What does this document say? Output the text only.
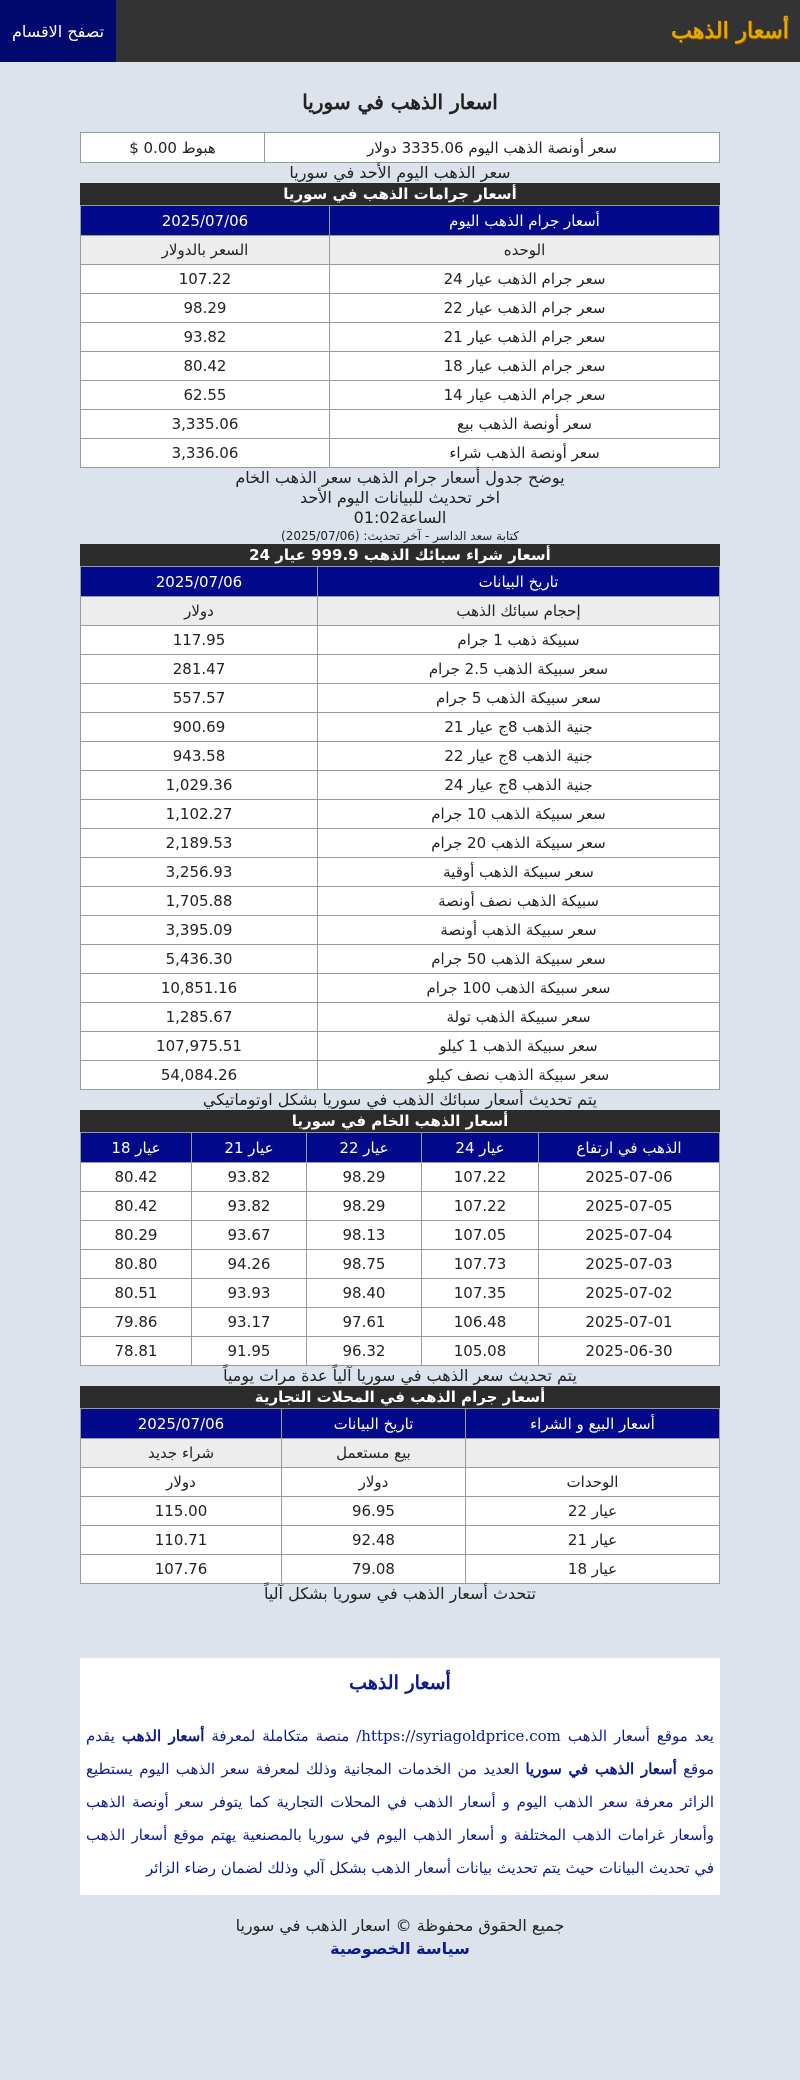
أسعار الذهب
تصفح الاقسام
اسعار الذهب في سوريا
سعر أونصة الذهب اليوم 3335.06 دولار	هبوط 0.00 $
سعر الذهب اليوم الأحد في سوريا
أسعار جرامات الذهب في سوريا
أسعار جرام الذهب اليوم	2025/07/06
الوحده	السعر بالدولار
سعر جرام الذهب عيار 24	107.22
سعر جرام الذهب عيار 22	98.29
سعر جرام الذهب عيار 21	93.82
سعر جرام الذهب عيار 18	80.42
سعر جرام الذهب عيار 14	62.55
سعر أونصة الذهب بيع	3,335.06
سعر أونصة الذهب شراء	3,336.06
يوضح جدول أسعار جرام الذهب سعر الذهب الخام
اخر تحديث للبيانات اليوم الأحد
الساعة01:02
كتابة سعد الداسر - آخر تحديث: (2025/07/06)
أسعار شراء سبائك الذهب 999.9 عيار 24
تاريخ البيانات	2025/07/06
إحجام سبائك الذهب	دولار
سبيكة ذهب 1 جرام	117.95
سعر سبيكة الذهب 2.5 جرام	281.47
سعر سبيكة الذهب 5 جرام	557.57
جنية الذهب 8ج عيار 21	900.69
جنية الذهب 8ج عيار 22	943.58
جنية الذهب 8ج عيار 24	1,029.36
سعر سبيكة الذهب 10 جرام	1,102.27
سعر سبيكة الذهب 20 جرام	2,189.53
سعر سبيكة الذهب أوقية	3,256.93
سبيكة الذهب نصف أونصة	1,705.88
سعر سبيكة الذهب أونصة	3,395.09
سعر سبيكة الذهب 50 جرام	5,436.30
سعر سبيكة الذهب 100 جرام	10,851.16
سعر سبيكة الذهب تولة	1,285.67
سعر سبيكة الذهب 1 كيلو	107,975.51
سعر سبيكة الذهب نصف كيلو	54,084.26
يتم تحديث أسعار سبائك الذهب في سوريا بشكل اوتوماتيكي
أسعار الذهب الخام في سوريا
الذهب في ارتفاع	عيار 24	عيار 22	عيار 21	عيار 18
2025-07-06	107.22	98.29	93.82	80.42
2025-07-05	107.22	98.29	93.82	80.42
2025-07-04	107.05	98.13	93.67	80.29
2025-07-03	107.73	98.75	94.26	80.80
2025-07-02	107.35	98.40	93.93	80.51
2025-07-01	106.48	97.61	93.17	79.86
2025-06-30	105.08	96.32	91.95	78.81
يتم تحديث سعر الذهب في سوريا آلياً عدة مرات يومياً
أسعار جرام الذهب في المحلات التجارية
أسعار البيع و الشراء	تاريخ البيانات	2025/07/06
	بيع مستعمل	شراء جديد
الوحدات	دولار	دولار
عيار 22	96.95	115.00
عيار 21	92.48	110.71
عيار 18	79.08	107.76
تتحدث أسعار الذهب في سوريا بشكل آلياً
أسعار الذهب

يعد موقع أسعار الذهب https://syriagoldprice.com/ منصة متكاملة لمعرفة أسعار الذهب يقدم موقع أسعار الذهب في سوريا العديد من الخدمات المجانية وذلك لمعرفة سعر الذهب اليوم يستطيع الزائر معرفة سعر الذهب اليوم و أسعار الذهب في المحلات التجارية كما يتوفر سعر أونصة الذهب وأسعار غرامات الذهب المختلفة و أسعار الذهب اليوم في سوريا بالمصنعية يهتم موقع أسعار الذهب في تحديث البيانات حيث يتم تحديث بيانات أسعار الذهب بشكل آلي وذلك لضمان رضاء الزائر

جميع الحقوق محفوظة © اسعار الذهب في سوريا
سياسة الخصوصية
